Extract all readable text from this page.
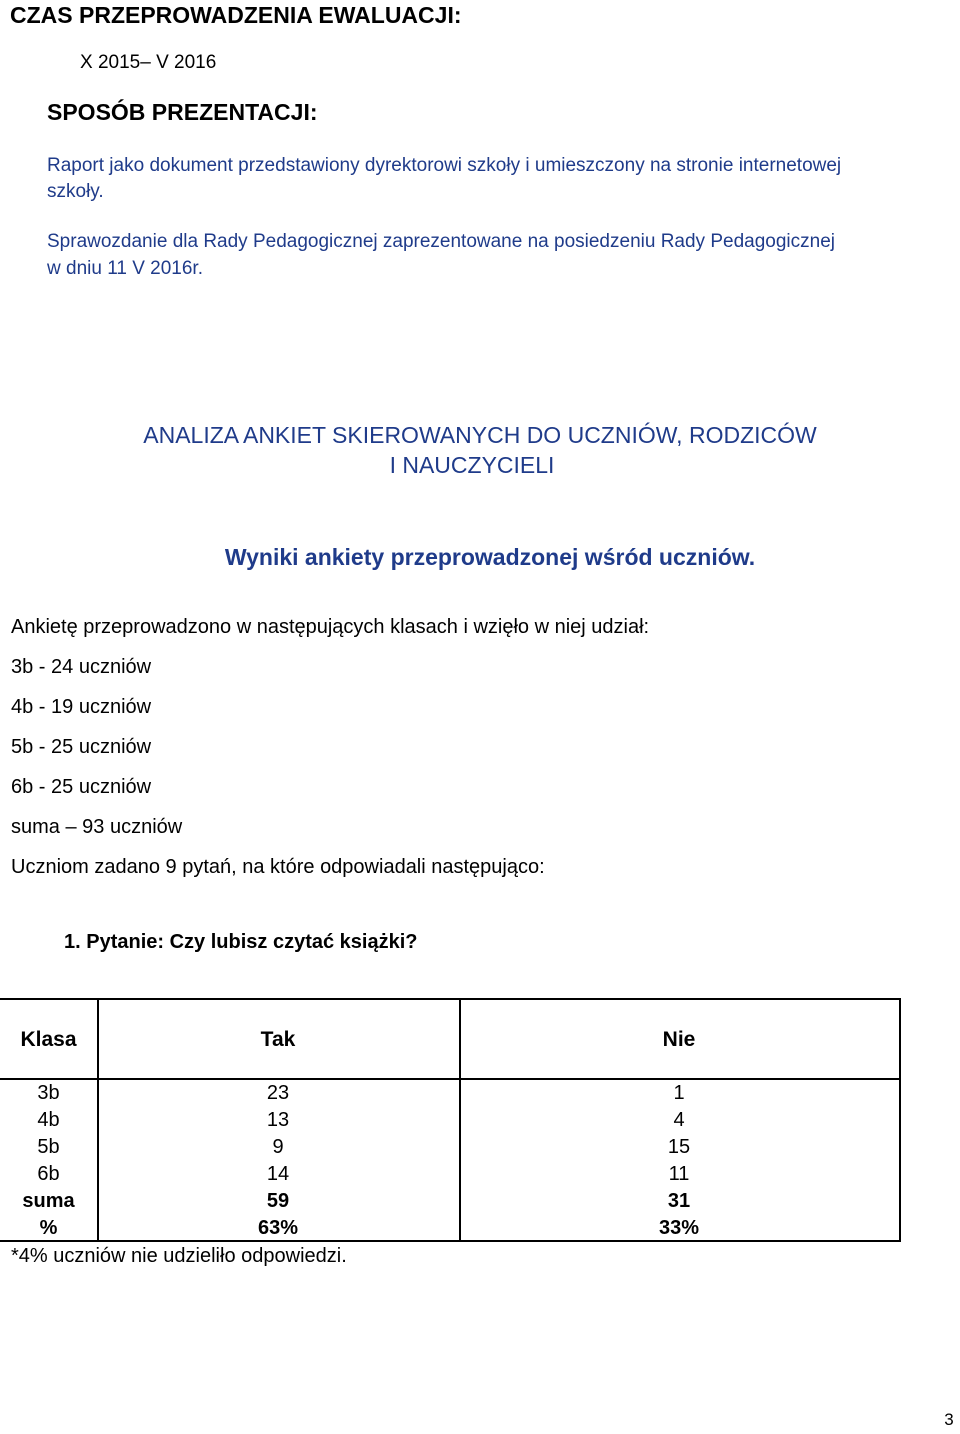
CZAS PRZEPROWADZENIA EWALUACJI:
X 2015– V 2016
SPOSÓB PREZENTACJI:
Raport jako dokument przedstawiony dyrektorowi szkoły i umieszczony na stronie internetowej
szkoły.
Sprawozdanie dla Rady Pedagogicznej zaprezentowane na posiedzeniu Rady Pedagogicznej
w dniu 11 V 2016r.
ANALIZA ANKIET SKIEROWANYCH DO UCZNIÓW, RODZICÓW
I NAUCZYCIELI
Wyniki ankiety przeprowadzonej wśród uczniów.
Ankietę przeprowadzono w następujących klasach i wzięło w niej udział:
3b - 24 uczniów
4b - 19 uczniów
5b - 25 uczniów
6b - 25 uczniów
suma – 93 uczniów
Uczniom zadano 9 pytań, na które odpowiadali następująco:
1. Pytanie: Czy lubisz czytać książki?
Klasa	Tak	Nie
3b	23	1
4b	13	4
5b	9	15
6b	14	11
suma	59	31
%	63%	33%
*4% uczniów nie udzieliło odpowiedzi.
3
